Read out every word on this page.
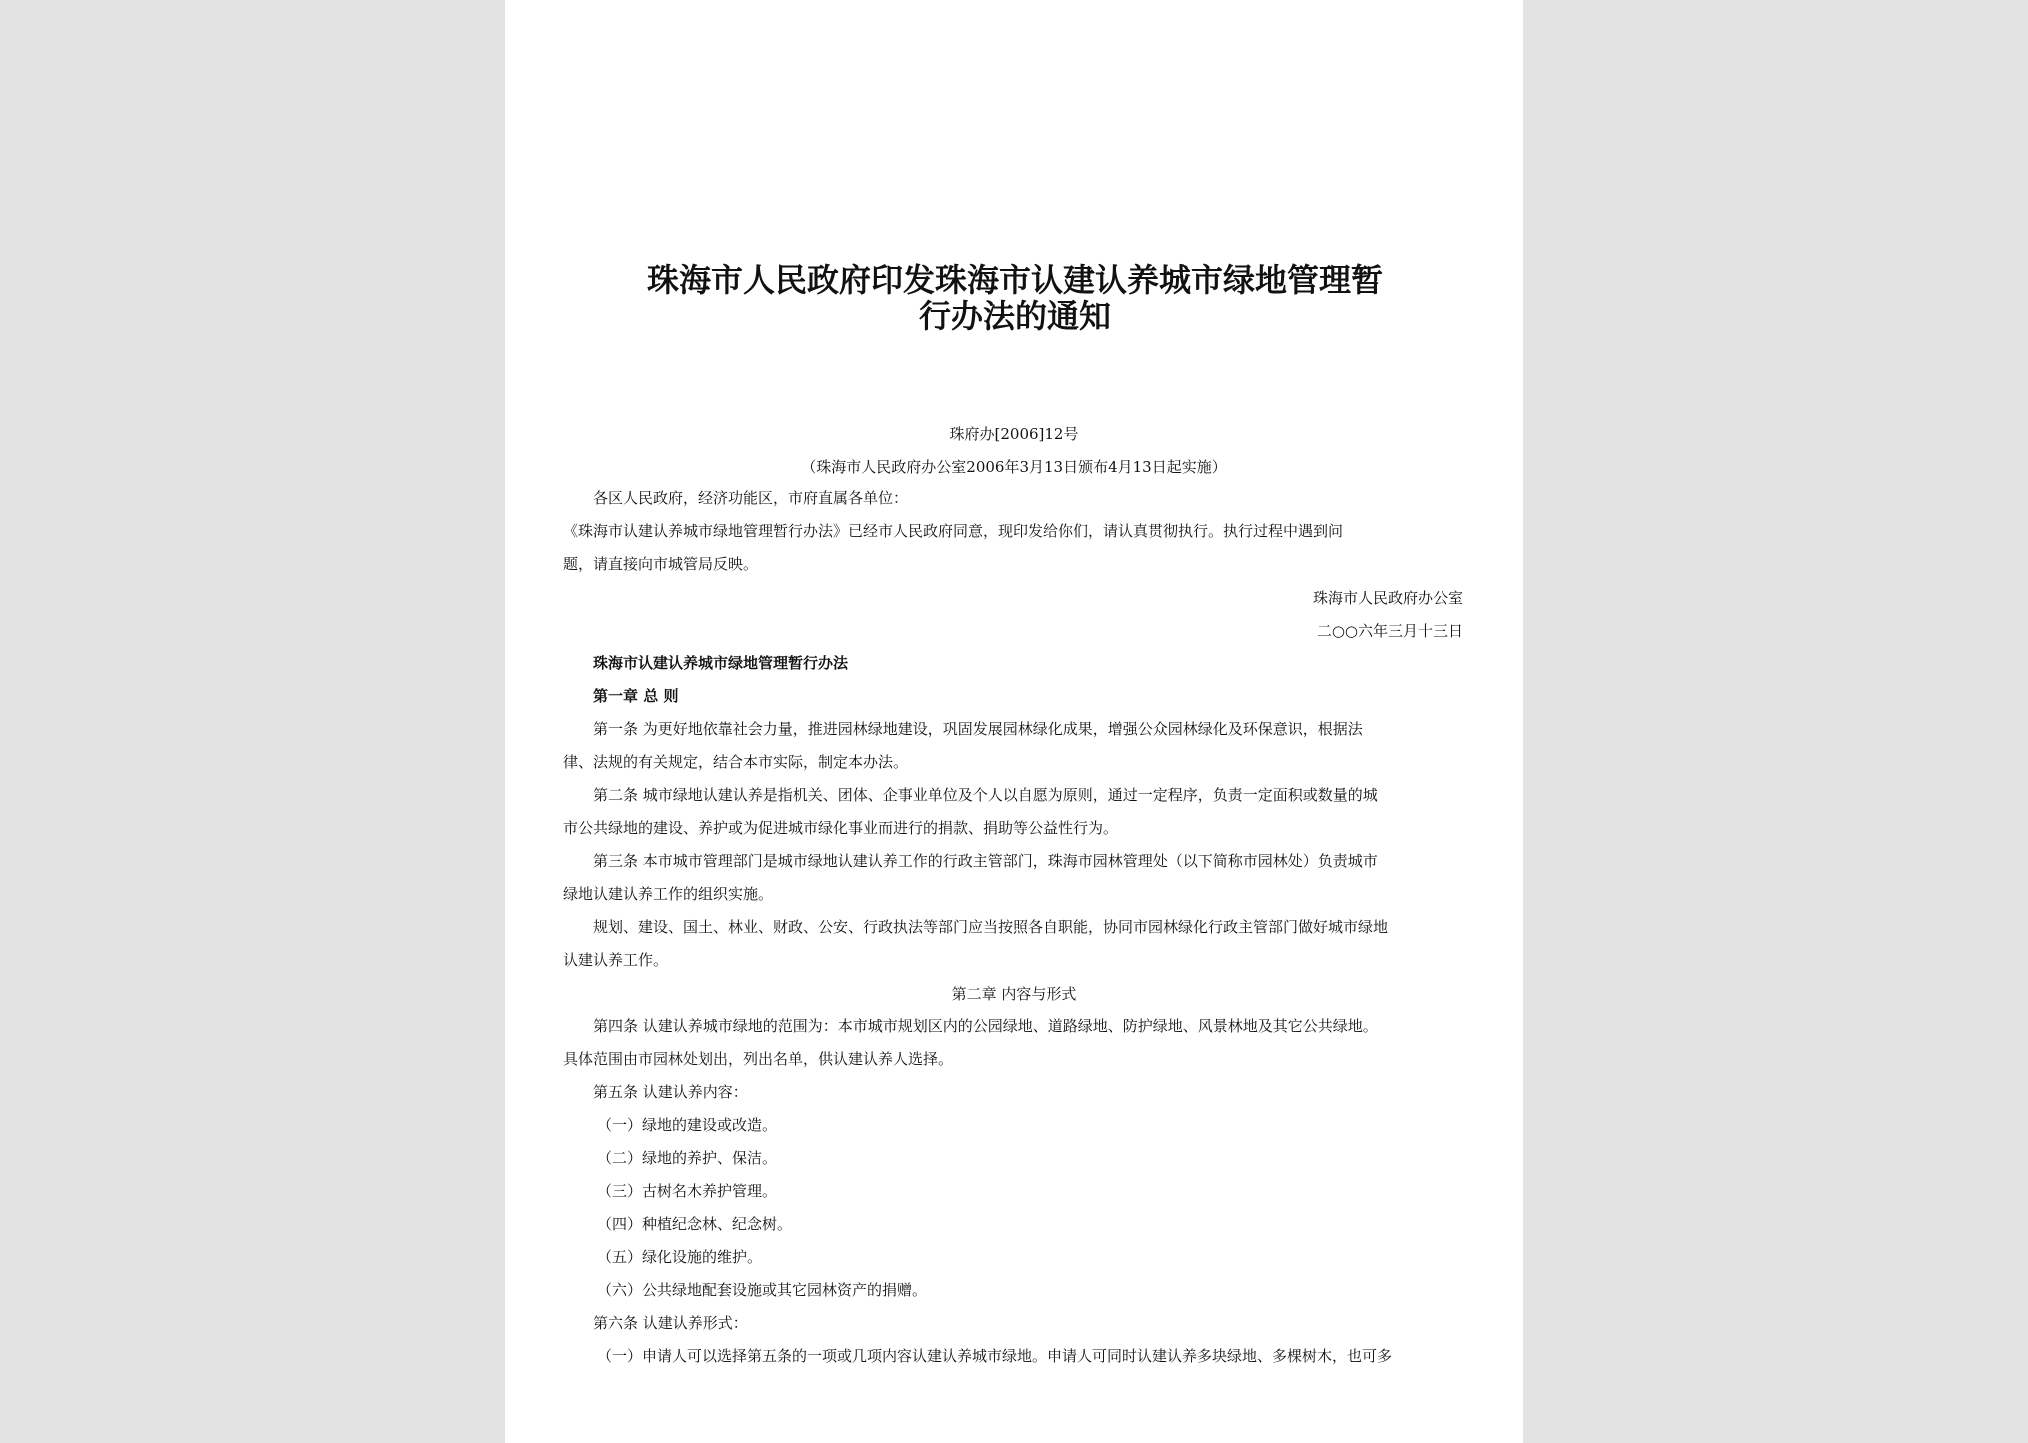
珠海市人民政府印发珠海市认建认养城市绿地管理暂
行办法的通知
珠府办[2006]12号
（珠海市人民政府办公室2006年3月13日颁布4月13日起实施）
各区人民政府，经济功能区，市府直属各单位：
《珠海市认建认养城市绿地管理暂行办法》已经市人民政府同意，现印发给你们，请认真贯彻执行。执行过程中遇到问
题，请直接向市城管局反映。
珠海市人民政府办公室
二○○六年三月十三日
珠海市认建认养城市绿地管理暂行办法
第一章 总 则
第一条 为更好地依靠社会力量，推进园林绿地建设，巩固发展园林绿化成果，增强公众园林绿化及环保意识，根据法
律、法规的有关规定，结合本市实际，制定本办法。
第二条 城市绿地认建认养是指机关、团体、企事业单位及个人以自愿为原则，通过一定程序，负责一定面积或数量的城
市公共绿地的建设、养护或为促进城市绿化事业而进行的捐款、捐助等公益性行为。
第三条 本市城市管理部门是城市绿地认建认养工作的行政主管部门，珠海市园林管理处（以下简称市园林处）负责城市
绿地认建认养工作的组织实施。
规划、建设、国土、林业、财政、公安、行政执法等部门应当按照各自职能，协同市园林绿化行政主管部门做好城市绿地
认建认养工作。
第二章 内容与形式
第四条 认建认养城市绿地的范围为：本市城市规划区内的公园绿地、道路绿地、防护绿地、风景林地及其它公共绿地。
具体范围由市园林处划出，列出名单，供认建认养人选择。
第五条 认建认养内容：
（一）绿地的建设或改造。
（二）绿地的养护、保洁。
（三）古树名木养护管理。
（四）种植纪念林、纪念树。
（五）绿化设施的维护。
（六）公共绿地配套设施或其它园林资产的捐赠。
第六条 认建认养形式：
（一）申请人可以选择第五条的一项或几项内容认建认养城市绿地。申请人可同时认建认养多块绿地、多棵树木，也可多
